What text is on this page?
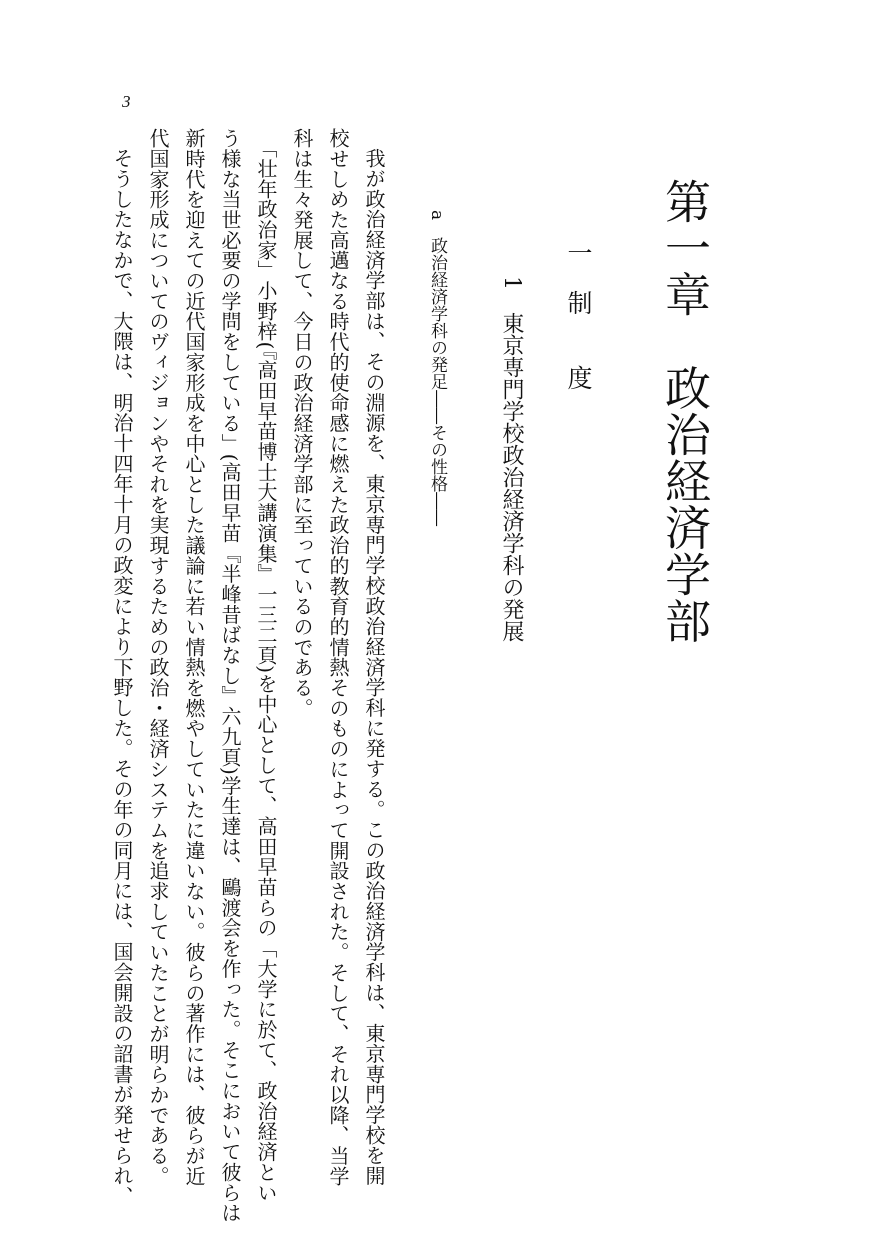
3
第一章　政治経済学部
一　制　　度
1　東京専門学校政治経済学科の発展
a　政治経済学科の発足――その性格――
我が政治経済学部は、その淵源を、東京専門学校政治経済学科に発する。この政治経済学科は、東京専門学校を開
校せしめた高邁なる時代的使命感に燃えた政治的教育的情熱そのものによって開設された。そして、それ以降、当学
科は生々発展して、今日の政治経済学部に至っているのである。
「壮年政治家」小野梓(『高田早苗博士大講演集』一三二頁)を中心として、高田早苗らの「大学に於て、政治経済とい
う様な当世必要の学問をしている」(高田早苗『半峰昔ばなし』六九頁)学生達は、鷗渡会を作った。そこにおいて彼らは
新時代を迎えての近代国家形成を中心とした議論に若い情熱を燃やしていたに違いない。彼らの著作には、彼らが近
代国家形成についてのヴィジョンやそれを実現するための政治・経済システムを追求していたことが明らかである。
そうしたなかで、大隈は、明治十四年十月の政変により下野した。その年の同月には、国会開設の詔書が発せられ、
